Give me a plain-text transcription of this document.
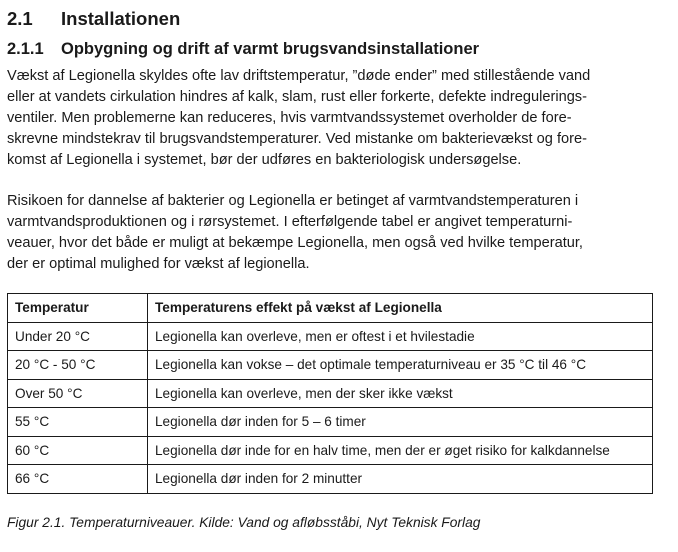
2.1 Installationen
2.1.1 Opbygning og drift af varmt brugsvandsinstallationer

Vækst af Legionella skyldes ofte lav driftstemperatur, ”døde ender” med stillestående vand
eller at vandets cirkulation hindres af kalk, slam, rust eller forkerte, defekte indregulerings-
ventiler. Men problemerne kan reduceres, hvis varmtvandssystemet overholder de fore-
skrevne mindstekrav til brugsvandstemperaturer. Ved mistanke om bakterievækst og fore-
komst af Legionella i systemet, bør der udføres en bakteriologisk undersøgelse.

Risikoen for dannelse af bakterier og Legionella er betinget af varmtvandstemperaturen i
varmtvandsproduktionen og i rørsystemet. I efterfølgende tabel er angivet temperaturni-
veauer, hvor det både er muligt at bekæmpe Legionella, men også ved hvilke temperatur,
der er optimal mulighed for vækst af legionella.

Temperatur	Temperaturens effekt på vækst af Legionella
Under 20 °C	Legionella kan overleve, men er oftest i et hvilestadie
20 °C - 50 °C	Legionella kan vokse – det optimale temperaturniveau er 35 °C til 46 °C
Over 50 °C	Legionella kan overleve, men der sker ikke vækst
55 °C	Legionella dør inden for 5 – 6 timer
60 °C	Legionella dør inde for en halv time, men der er øget risiko for kalkdannelse
66 °C	Legionella dør inden for 2 minutter

Figur 2.1. Temperaturniveauer. Kilde: Vand og afløbsståbi, Nyt Teknisk Forlag
